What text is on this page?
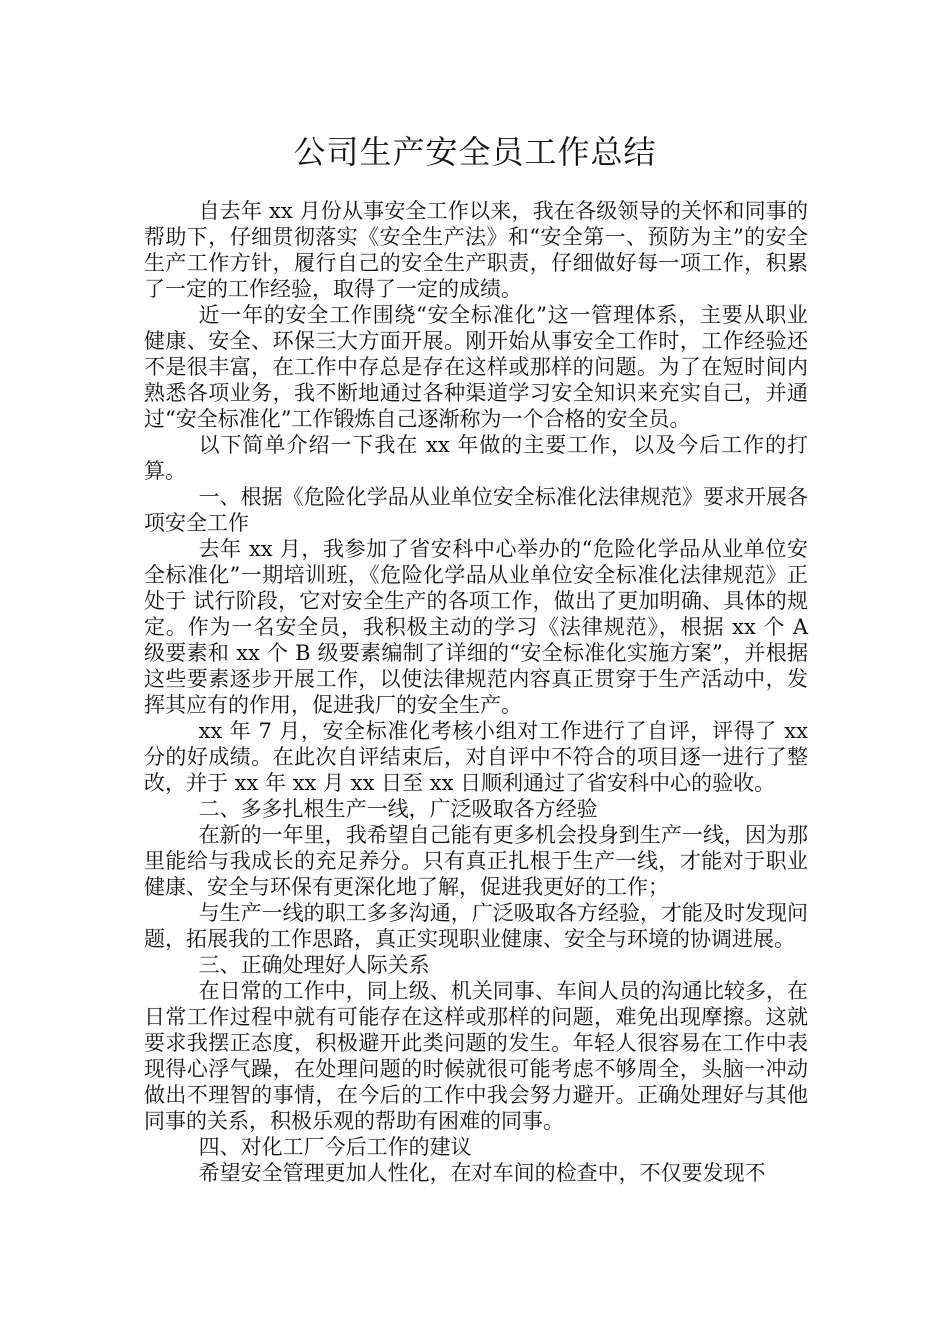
公司生产安全员工作总结

自去年 xx 月份从事安全工作以来，我在各级领导的关怀和同事的帮助下，仔细贯彻落实《安全生产法》和“安全第一、预防为主”的安全生产工作方针，履行自己的安全生产职责，仔细做好每一项工作，积累了一定的工作经验，取得了一定的成绩。

近一年的安全工作围绕“安全标准化”这一管理体系，主要从职业健康、安全、环保三大方面开展。刚开始从事安全工作时，工作经验还不是很丰富，在工作中存总是存在这样或那样的问题。为了在短时间内熟悉各项业务，我不断地通过各种渠道学习安全知识来充实自己，并通过“安全标准化”工作锻炼自己逐渐称为一个合格的安全员。

以下简单介绍一下我在 xx 年做的主要工作，以及今后工作的打算。

一、根据《危险化学品从业单位安全标准化法律规范》要求开展各项安全工作

去年 xx 月，我参加了省安科中心举办的“危险化学品从业单位安全标准化”一期培训班，《危险化学品从业单位安全标准化法律规范》正处于 试行阶段，它对安全生产的各项工作，做出了更加明确、具体的规定。作为一名安全员，我积极主动的学习《法律规范》，根据 xx 个 A 级要素和 xx 个 B 级要素编制了详细的“安全标准化实施方案”，并根据这些要素逐步开展工作，以使法律规范内容真正贯穿于生产活动中，发挥其应有的作用，促进我厂的安全生产。

xx 年 7 月，安全标准化考核小组对工作进行了自评，评得了 xx 分的好成绩。在此次自评结束后，对自评中不符合的项目逐一进行了整改，并于 xx 年 xx 月 xx 日至 xx 日顺利通过了省安科中心的验收。

二、多多扎根生产一线，广泛吸取各方经验

在新的一年里，我希望自己能有更多机会投身到生产一线，因为那里能给与我成长的充足养分。只有真正扎根于生产一线，才能对于职业健康、安全与环保有更深化地了解，促进我更好的工作；

与生产一线的职工多多沟通，广泛吸取各方经验，才能及时发现问题，拓展我的工作思路，真正实现职业健康、安全与环境的协调进展。

三、正确处理好人际关系

在日常的工作中，同上级、机关同事、车间人员的沟通比较多，在日常工作过程中就有可能存在这样或那样的问题，难免出现摩擦。这就要求我摆正态度，积极避开此类问题的发生。年轻人很容易在工作中表现得心浮气躁，在处理问题的时候就很可能考虑不够周全，头脑一冲动做出不理智的事情，在今后的工作中我会努力避开。正确处理好与其他同事的关系，积极乐观的帮助有困难的同事。

四、对化工厂今后工作的建议

希望安全管理更加人性化，在对车间的检查中，不仅要发现不
